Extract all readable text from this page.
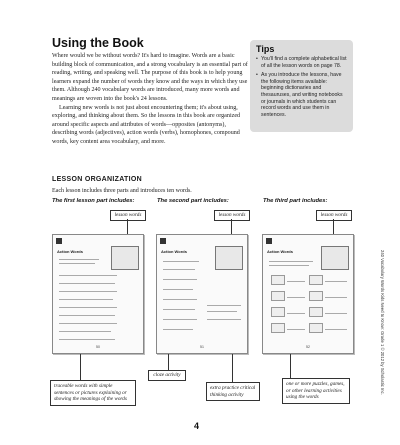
Using the Book

Where would we be without words? It's hard to imagine. Words are a basic building block of communication, and a strong vocabulary is an essential part of reading, writing, and speaking well. The purpose of this book is to help young learners expand the number of words they know and the ways in which they use them. Although 240 vocabulary words are introduced, many more words and meanings are woven into the book's 24 lessons.

Learning new words is not just about encountering them; it's about using, exploring, and thinking about them. So the lessons in this book are organized around specific aspects and attributes of words—opposites (antonyms), describing words (adjectives), action words (verbs), homophones, compound words, key content area vocabulary, and more.

Tips
• You'll find a complete alphabetical list of all the lesson words on page 78.
• As you introduce the lessons, have the following items available: beginning dictionaries and thesauruses, and writing notebooks or journals in which students can record words and use them in sentences.
LESSON ORGANIZATION
Each lesson includes three parts and introduces ten words.
The first lesson part includes:	The second part includes:	The third part includes:
lesson words	lesson words	lesson words
Action Words
50
Action Words
51
Action Words
52
traceable words with simple sentences or pictures explaining or showing the meanings of the words
cloze activity
extra practice critical thinking activity
one or more puzzles, games, or other learning activities using the words
240 Vocabulary Words Kids Need to Know: Grade 1 © 2012 by Scholastic Inc.
4
